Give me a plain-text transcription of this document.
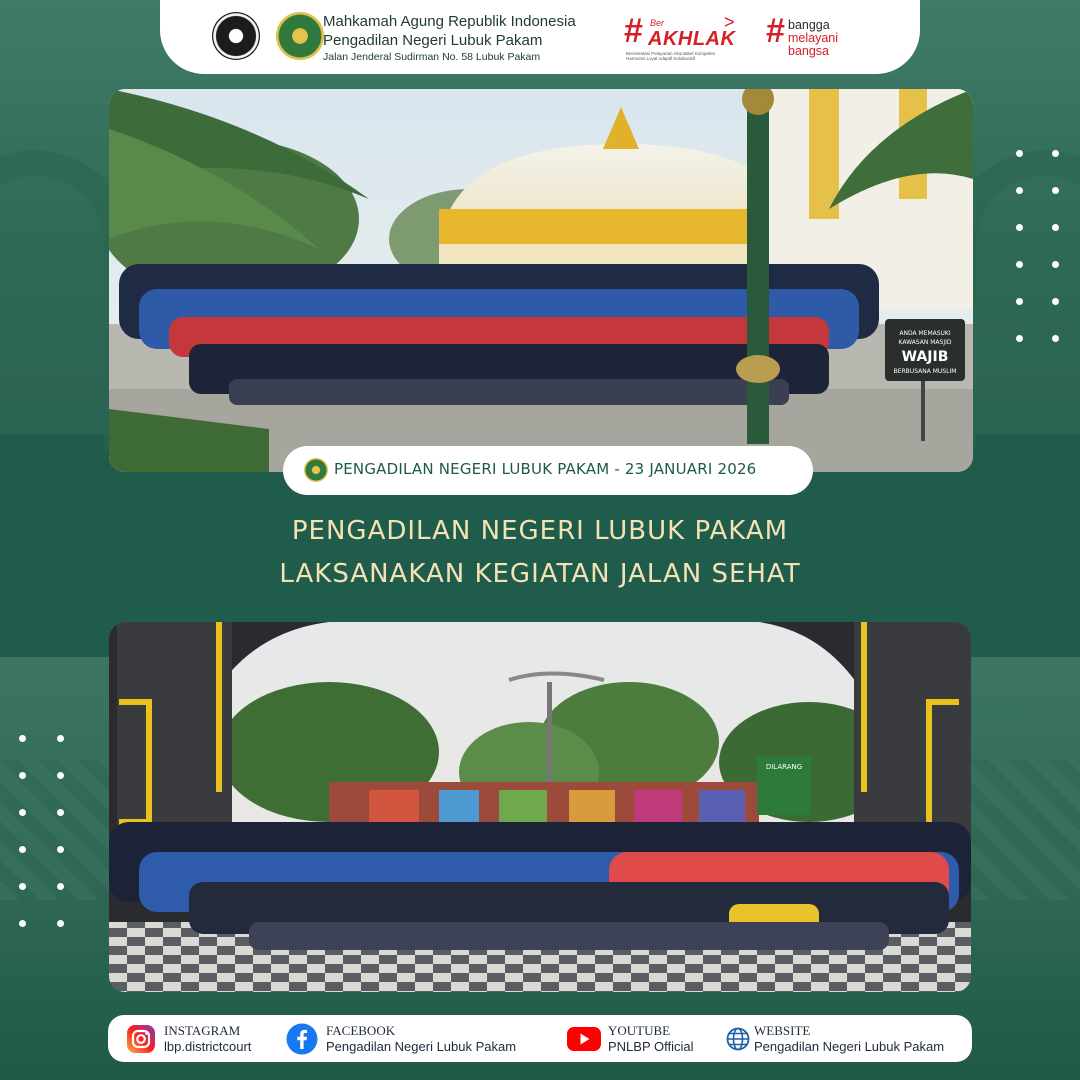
Mahkamah Agung Republik Indonesia
Pengadilan Negeri Lubuk Pakam
Jalan Jenderal Sudirman No. 58 Lubuk Pakam
# Ber
AKHLAK
>
Berorientasi Pelayanan Akuntabel Kompeten
Harmonis Loyal Adaptif Kolaboratif
# bangga
melayani
bangsa
ANDA MEMASUKI
KAWASAN MASJID
WAJIB
BERBUSANA MUSLIM
PENGADILAN NEGERI LUBUK PAKAM - 23 JANUARI 2026
PENGADILAN NEGERI LUBUK PAKAM
LAKSANAKAN KEGIATAN JALAN SEHAT
DILARANG
INSTAGRAM
lbp.districtcourt
FACEBOOK
Pengadilan Negeri Lubuk Pakam
YOUTUBE
PNLBP Official
WEBSITE
Pengadilan Negeri Lubuk Pakam
